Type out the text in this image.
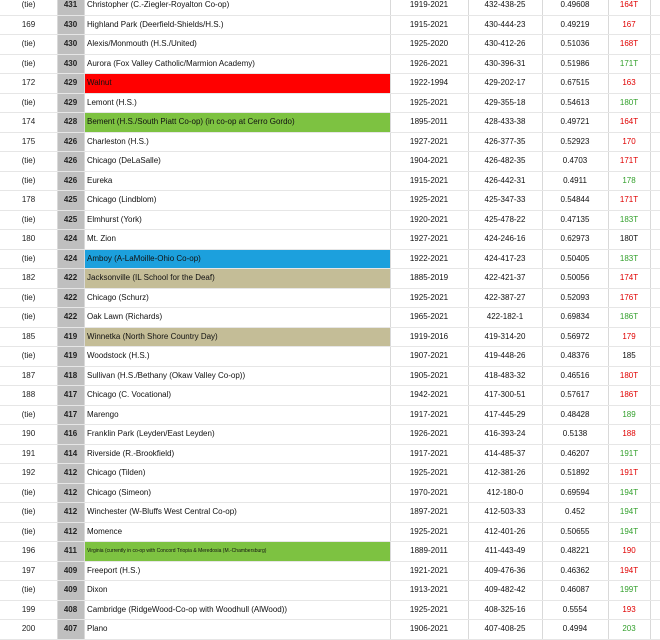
(tie)	431	Christopher (C.-Ziegler-Royalton Co-op)	1919-2021	432-438-25	0.49608	164T
169	430	Highland Park (Deerfield-Shields/H.S.)	1915-2021	430-444-23	0.49219	167
(tie)	430	Alexis/Monmouth (H.S./United)	1925-2020	430-412-26	0.51036	168T
(tie)	430	Aurora (Fox Valley Catholic/Marmion Academy)	1926-2021	430-396-31	0.51986	171T
172	429	Walnut	1922-1994	429-202-17	0.67515	163
(tie)	429	Lemont (H.S.)	1925-2021	429-355-18	0.54613	180T
174	428	Bement (H.S./South Piatt Co-op) (in co-op at Cerro Gordo)	1895-2011	428-433-38	0.49721	164T
175	426	Charleston (H.S.)	1927-2021	426-377-35	0.52923	170
(tie)	426	Chicago (DeLaSalle)	1904-2021	426-482-35	0.4703	171T
(tie)	426	Eureka	1915-2021	426-442-31	0.4911	178
178	425	Chicago (Lindblom)	1925-2021	425-347-33	0.54844	171T
(tie)	425	Elmhurst (York)	1920-2021	425-478-22	0.47135	183T
180	424	Mt. Zion	1927-2021	424-246-16	0.62973	180T
(tie)	424	Amboy (A-LaMoille-Ohio Co-op)	1922-2021	424-417-23	0.50405	183T
182	422	Jacksonville (IL School for the Deaf)	1885-2019	422-421-37	0.50056	174T
(tie)	422	Chicago (Schurz)	1925-2021	422-387-27	0.52093	176T
(tie)	422	Oak Lawn (Richards)	1965-2021	422-182-1	0.69834	186T
185	419	Winnetka (North Shore Country Day)	1919-2016	419-314-20	0.56972	179
(tie)	419	Woodstock (H.S.)	1907-2021	419-448-26	0.48376	185
187	418	Sullivan (H.S./Bethany (Okaw Valley Co-op))	1905-2021	418-483-32	0.46516	180T
188	417	Chicago (C. Vocational)	1942-2021	417-300-51	0.57617	186T
(tie)	417	Marengo	1917-2021	417-445-29	0.48428	189
190	416	Franklin Park (Leyden/East Leyden)	1926-2021	416-393-24	0.5138	188
191	414	Riverside (R.-Brookfield)	1917-2021	414-485-37	0.46207	191T
192	412	Chicago (Tilden)	1925-2021	412-381-26	0.51892	191T
(tie)	412	Chicago (Simeon)	1970-2021	412-180-0	0.69594	194T
(tie)	412	Winchester (W-Bluffs West Central Co-op)	1897-2021	412-503-33	0.452	194T
(tie)	412	Momence	1925-2021	412-401-26	0.50655	194T
196	411	Virginia (currently in co-op with Concord Triopia & Meredosia (M.-Chambersburg)	1889-2011	411-443-49	0.48221	190
197	409	Freeport (H.S.)	1921-2021	409-476-36	0.46362	194T
(tie)	409	Dixon	1913-2021	409-482-42	0.46087	199T
199	408	Cambridge (RidgeWood-Co-op with Woodhull (AlWood))	1925-2021	408-325-16	0.5554	193
200	407	Plano	1906-2021	407-408-25	0.4994	203
